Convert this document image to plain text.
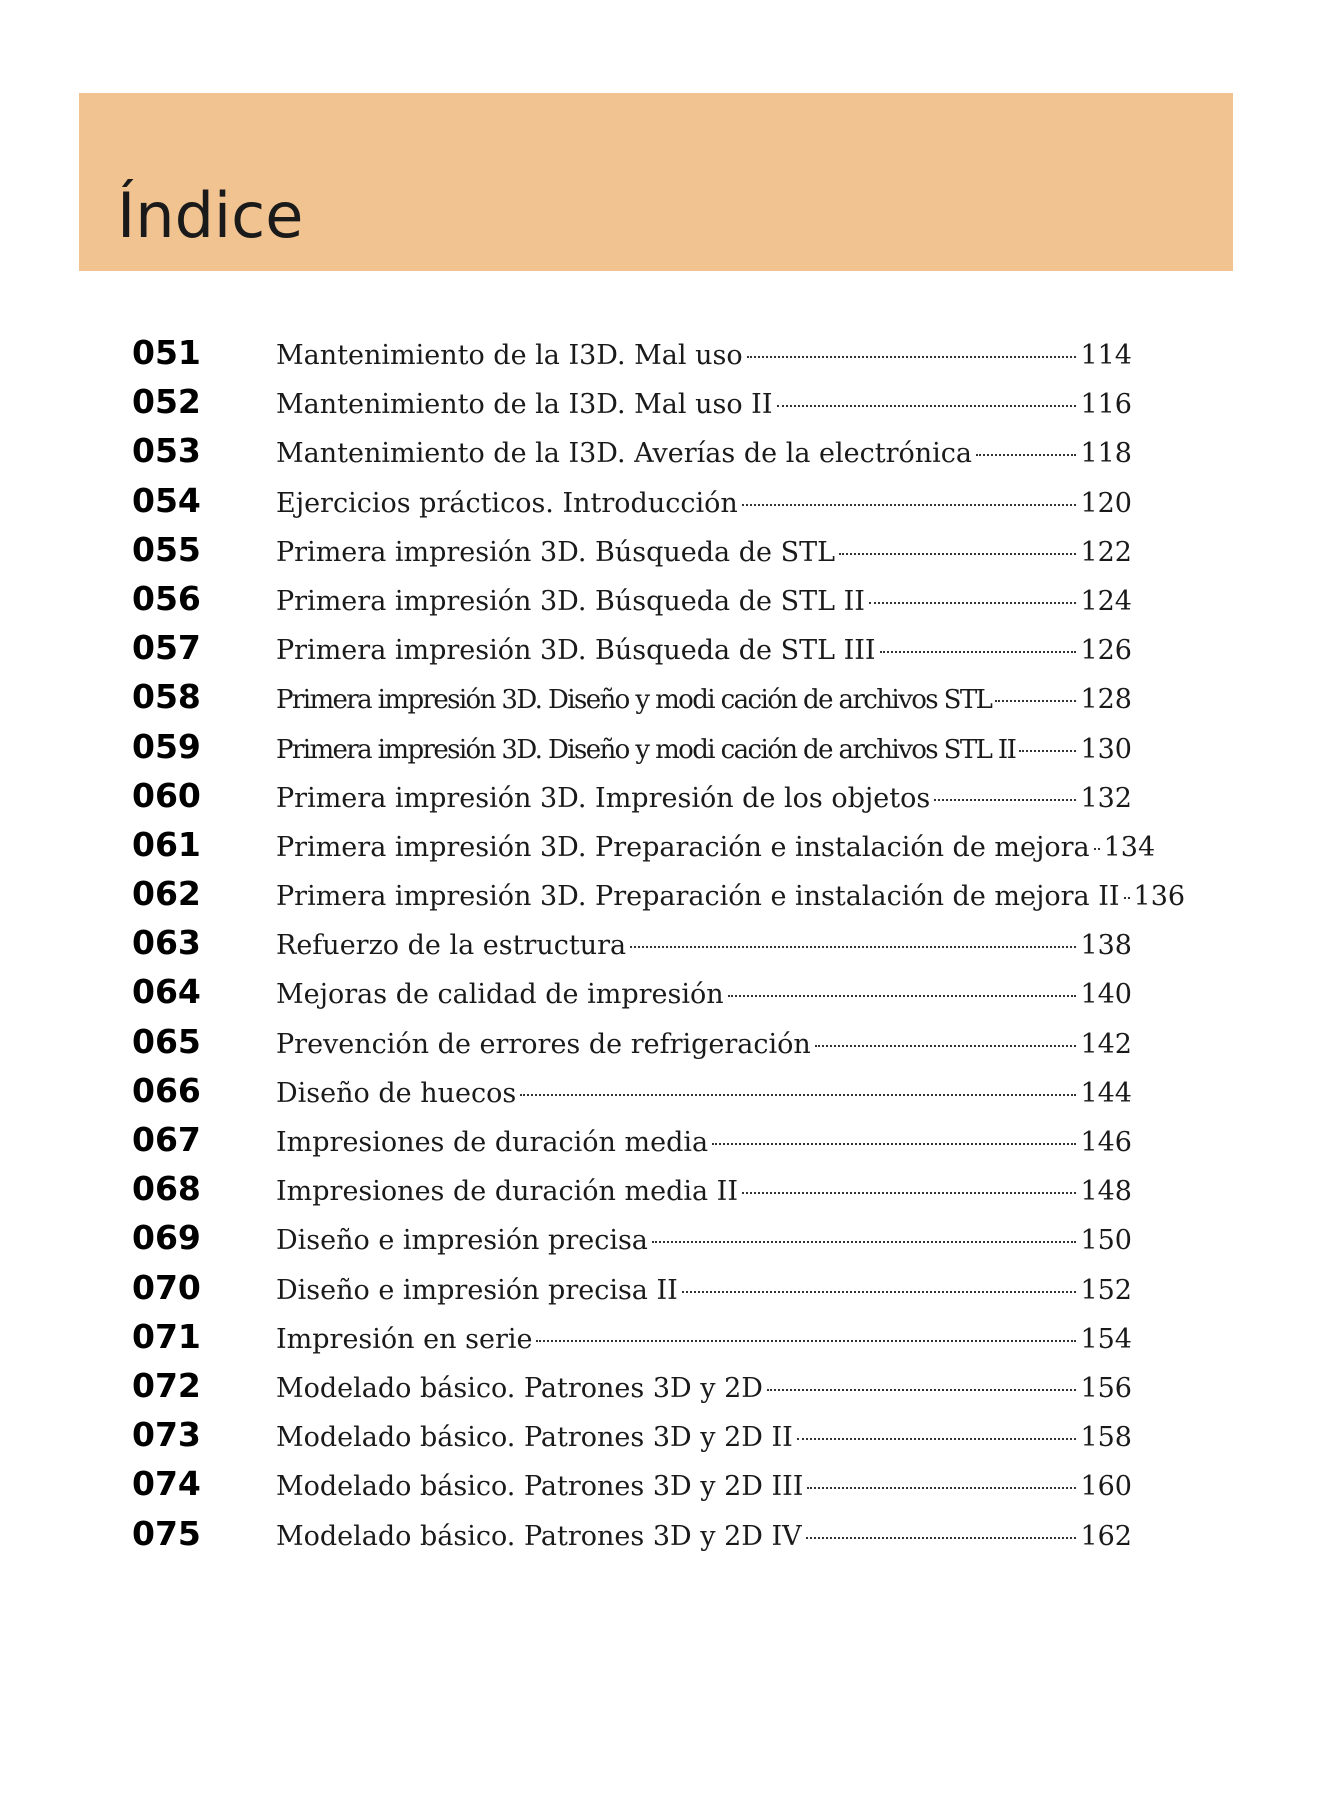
Índice
051	Mantenimiento de la I3D. Mal uso	114
052	Mantenimiento de la I3D. Mal uso II	116
053	Mantenimiento de la I3D. Averías de la electrónica	118
054	Ejercicios prácticos. Introducción	120
055	Primera impresión 3D. Búsqueda de STL	122
056	Primera impresión 3D. Búsqueda de STL II	124
057	Primera impresión 3D. Búsqueda de STL III	126
058	Primera impresión 3D. Diseño y modi cación de archivos STL	128
059	Primera impresión 3D. Diseño y modi cación de archivos STL II 130
060	Primera impresión 3D. Impresión de los objetos	132
061	Primera impresión 3D. Preparación e instalación de mejora 134
062	Primera impresión 3D. Preparación e instalación de mejora II 136
063	Refuerzo de la estructura	138
064	Mejoras de calidad de impresión	140
065	Prevención de errores de refrigeración	142
066	Diseño de huecos	144
067	Impresiones de duración media	146
068	Impresiones de duración media II	148
069	Diseño e impresión precisa	150
070	Diseño e impresión precisa II	152
071	Impresión en serie	154
072	Modelado básico. Patrones 3D y 2D	156
073	Modelado básico. Patrones 3D y 2D II	158
074	Modelado básico. Patrones 3D y 2D III	160
075	Modelado básico. Patrones 3D y 2D IV	162
